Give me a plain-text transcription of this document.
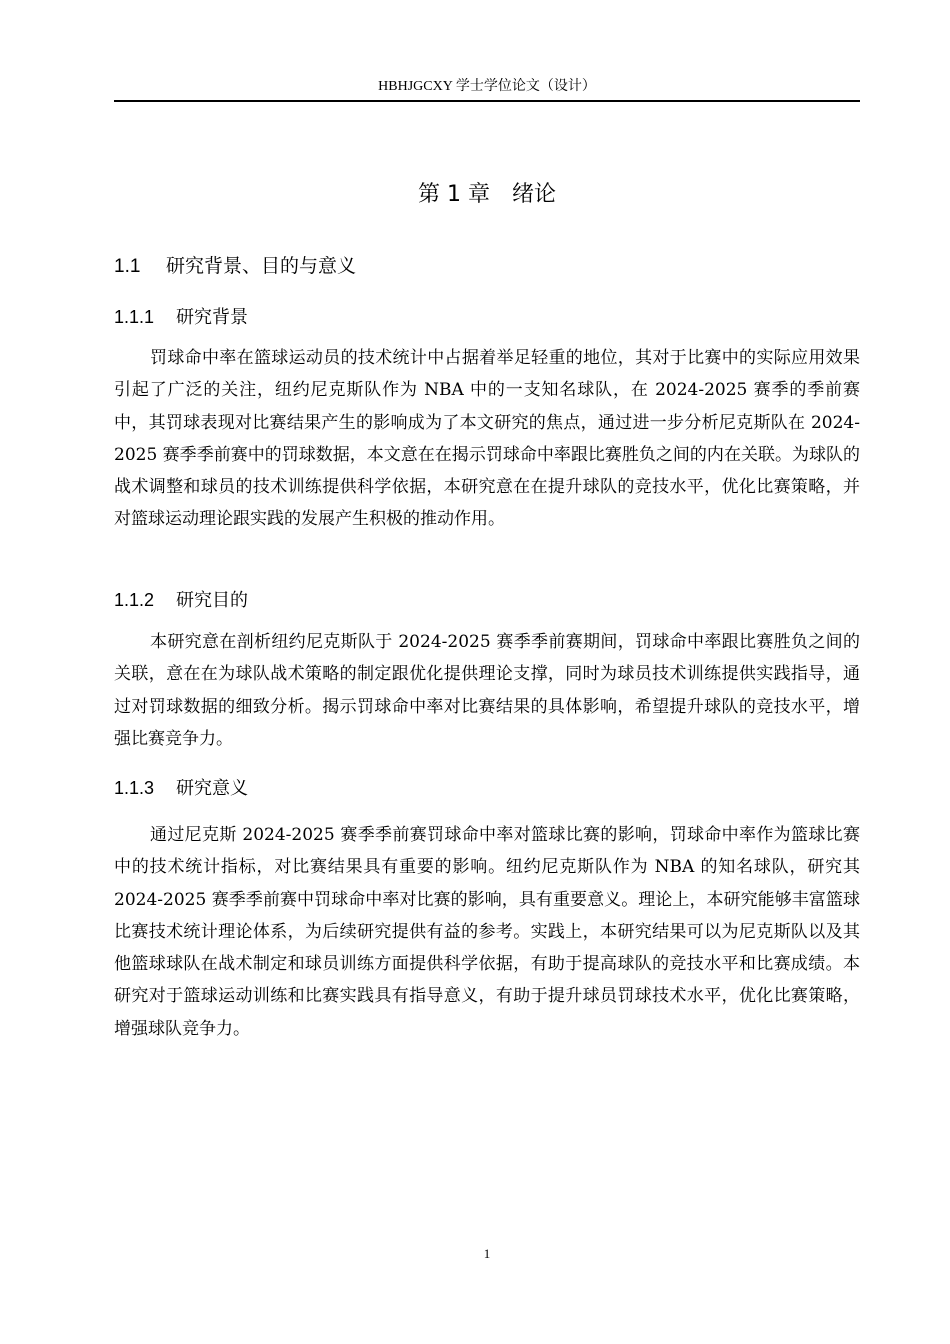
HBHJGCXY 学士学位论文（设计）
第 1 章 绪论
1.1 研究背景、目的与意义
1.1.1 研究背景
罚球命中率在篮球运动员的技术统计中占据着举足轻重的地位，其对于比赛中的实际应用效果引起了广泛的关注，纽约尼克斯队作为 NBA 中的一支知名球队，在 2024-2025 赛季的季前赛中，其罚球表现对比赛结果产生的影响成为了本文研究的焦点，通过进一步分析尼克斯队在 2024-2025 赛季季前赛中的罚球数据，本文意在在揭示罚球命中率跟比赛胜负之间的内在关联。为球队的战术调整和球员的技术训练提供科学依据，本研究意在在提升球队的竞技水平，优化比赛策略，并对篮球运动理论跟实践的发展产生积极的推动作用。
1.1.2 研究目的
本研究意在剖析纽约尼克斯队于 2024-2025 赛季季前赛期间，罚球命中率跟比赛胜负之间的关联，意在在为球队战术策略的制定跟优化提供理论支撑，同时为球员技术训练提供实践指导，通过对罚球数据的细致分析。揭示罚球命中率对比赛结果的具体影响，希望提升球队的竞技水平，增强比赛竞争力。
1.1.3 研究意义
通过尼克斯 2024-2025 赛季季前赛罚球命中率对篮球比赛的影响，罚球命中率作为篮球比赛中的技术统计指标，对比赛结果具有重要的影响。纽约尼克斯队作为 NBA 的知名球队，研究其 2024-2025 赛季季前赛中罚球命中率对比赛的影响，具有重要意义。理论上，本研究能够丰富篮球比赛技术统计理论体系，为后续研究提供有益的参考。实践上，本研究结果可以为尼克斯队以及其他篮球球队在战术制定和球员训练方面提供科学依据，有助于提高球队的竞技水平和比赛成绩。本研究对于篮球运动训练和比赛实践具有指导意义，有助于提升球员罚球技术水平，优化比赛策略，增强球队竞争力。
1
